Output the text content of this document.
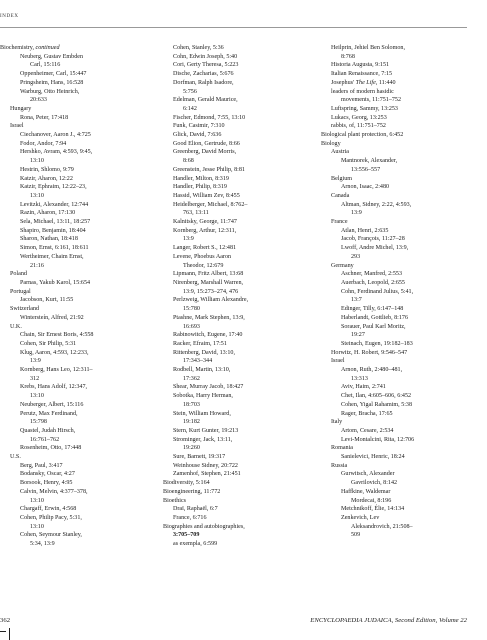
INDEX
Biochemistry, continued
Neuberg, Gustav Embden
Carl, 15:116
Oppenheimer, Carl, 15:447
Pringsheim, Hans, 16:528
Warburg, Otto Heinrich,
20:633
Hungary
Rona, Peter, 17:418
Israel
Ciechanover, Aaron J., 4:725
Fodor, Andor, 7:94
Hershko, Avram, 4:593, 9:45,
13:10
Hestrin, Shlomo, 9:79
Katzir, Aharon, 12:22
Katzir, Ephraim, 12:22–23,
13:10
Levitzki, Alexander, 12:744
Razin, Aharon, 17:130
Sela, Michael, 13:11, 18:257
Shapiro, Benjamin, 18:404
Sharon, Nathan, 18:418
Simon, Ernst, 6:161, 18:611
Wertheimer, Chaim Ernst,
21:16
Poland
Parnas, Yakub Karol, 15:654
Portugal
Jacobson, Kurt, 11:55
Switzerland
Wintersteín, Alfred, 21:92
U.K.
Chain, Sir Ernest Boris, 4:558
Cohen, Sir Philip, 5:31
Klug, Aaron, 4:593, 12:233,
13:9
Kornberg, Hans Leo, 12:311–
312
Krebs, Hans Adolf, 12:347,
13:10
Neuberger, Albert, 15:116
Perutz, Max Ferdinand,
15:798
Quastel, Judah Hirsch,
16:761–762
Rosenheim, Otto, 17:448
U.S.
Berg, Paul, 3:417
Bodansky, Oscar, 4:27
Borsook, Henry, 4:95
Calvin, Melvin, 4:377–378,
13:10
Chargaff, Erwin, 4:568
Cohen, Philip Pacy, 5:31,
13:10
Cohen, Seymour Stanley,
5:34, 13:9
Cohen, Stanley, 5:36
Cohn, Edwin Joseph, 5:40
Cori, Gerty Theresa, 5:223
Dische, Zacharias, 5:676
Dorfman, Ralph Isadore,
5:756
Edelman, Gerald Maurice,
6:142
Fischer, Edmond, 7:55, 13:10
Funk, Casimir, 7:310
Glick, David, 7:636
Good Elion, Gertrude, 8:66
Greenberg, David Morris,
8:68
Greenstein, Jesse Philip, 8:81
Handler, Milton, 8:319
Handler, Philip, 8:319
Hassid, William Zev, 8:455
Heidelberger, Michael, 8:762–
763, 13:11
Kalnitsky, George, 11:747
Kornberg, Arthur, 12:311,
13:9
Langer, Robert S., 12:481
Levene, Phoebus Aaron
Theodor, 12:679
Lipmann, Fritz Albert, 13:68
Nirenberg, Marshall Warren,
13:9, 15:273–274, 476
Perlzweig, William Alexandre,
15:780
Ptashne, Mark Stephen, 13:9,
16:693
Rabinowitch, Eugene, 17:40
Racker, Efraim, 17:51
Rittenberg, David, 13:10,
17:343–344
Rodbell, Martin, 13:10,
17:362
Shear, Murray Jacob, 18:427
Sobotka, Harry Herman,
18:703
Stein, William Howard,
19:182
Stern, Kurt Gunter, 19:213
Strominger, Jack, 13:11,
19:260
Sure, Barnett, 19:317
Weinhouse Sidney, 20:722
Zamenhof, Stephen, 21:451
Biodiversity, 5:164
Bioengineering, 11:772
Bioethics
Draï, Raphaël, 6:7
France, 6:716
Biographies and autobiographies,
3:705–709
as exempla, 6:599
Heilprin, Jehiel Ben Solomon,
8:768
Historia Augusta, 9:151
Italian Renaissance, 7:15
Josephus' The Life, 11:440
leaders of modern hasidic
movements, 11:751–752
Luftspring, Sammy, 13:253
Lukacs, Georg, 13:253
rabbis, of, 11:751–752
Biological plant protection, 6:452
Biology
Austria
Mantnorek, Alexander,
13:556–557
Belgium
Arnon, Isaac, 2:480
Canada
Altman, Sidney, 2:22, 4:593,
13:9
France
Atlan, Henri, 2:635
Jacob, François, 11:27–28
Lwoff, Andre Michel, 13:9,
293
Germany
Aschner, Manfred, 2:553
Auerbach, Leopold, 2:655
Cohn, Ferdinand Julius, 5:41,
13:7
Edinger, Tilly, 6:147–148
Haberlandt, Gottlieb, 8:176
Sorauer, Paul Karl Moritz,
19:27
Steinach, Eugen, 19:182–183
Horwitz, H. Robert, 9:546–547
Israel
Arnon, Ruth, 2:480–481,
13:313
Aviv, Haim, 2:741
Chet, Ilan, 4:605–606, 6:452
Cohen, Yigal Rahamim, 5:38
Rager, Bracha, 17:65
Italy
Artom, Cesare, 2:534
Levi-Montalcini, Rita, 12:706
Romania
Sanielevici, Henric, 18:24
Russia
Gurwitsch, Alexander
Gavrilovich, 8:142
Haffkine, Waldemar
Mordecai, 8:196
Metchnikoff, Élie, 14:134
Zenkevich, Lev
Aleksandrovich, 21:508–
509
362	ENCYCLOPAEDIA JUDAICA, Second Edition, Volume 22
